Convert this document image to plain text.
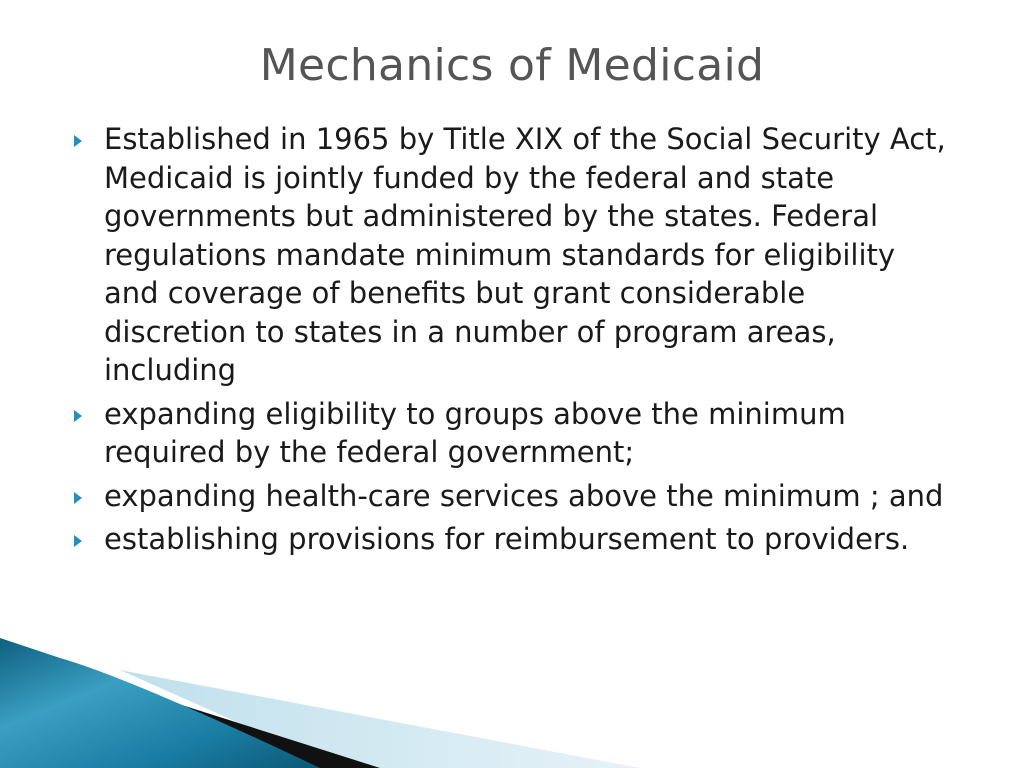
Mechanics of Medicaid
Established in 1965 by Title XIX of the Social Security Act, Medicaid is jointly funded by the federal and state governments but administered by the states. Federal regulations mandate minimum standards for eligibility and coverage of benefits but grant considerable discretion to states in a number of program areas, including
expanding eligibility to groups above the minimum required by the federal government;
expanding health-care services above the minimum ; and
establishing provisions for reimbursement to providers.
